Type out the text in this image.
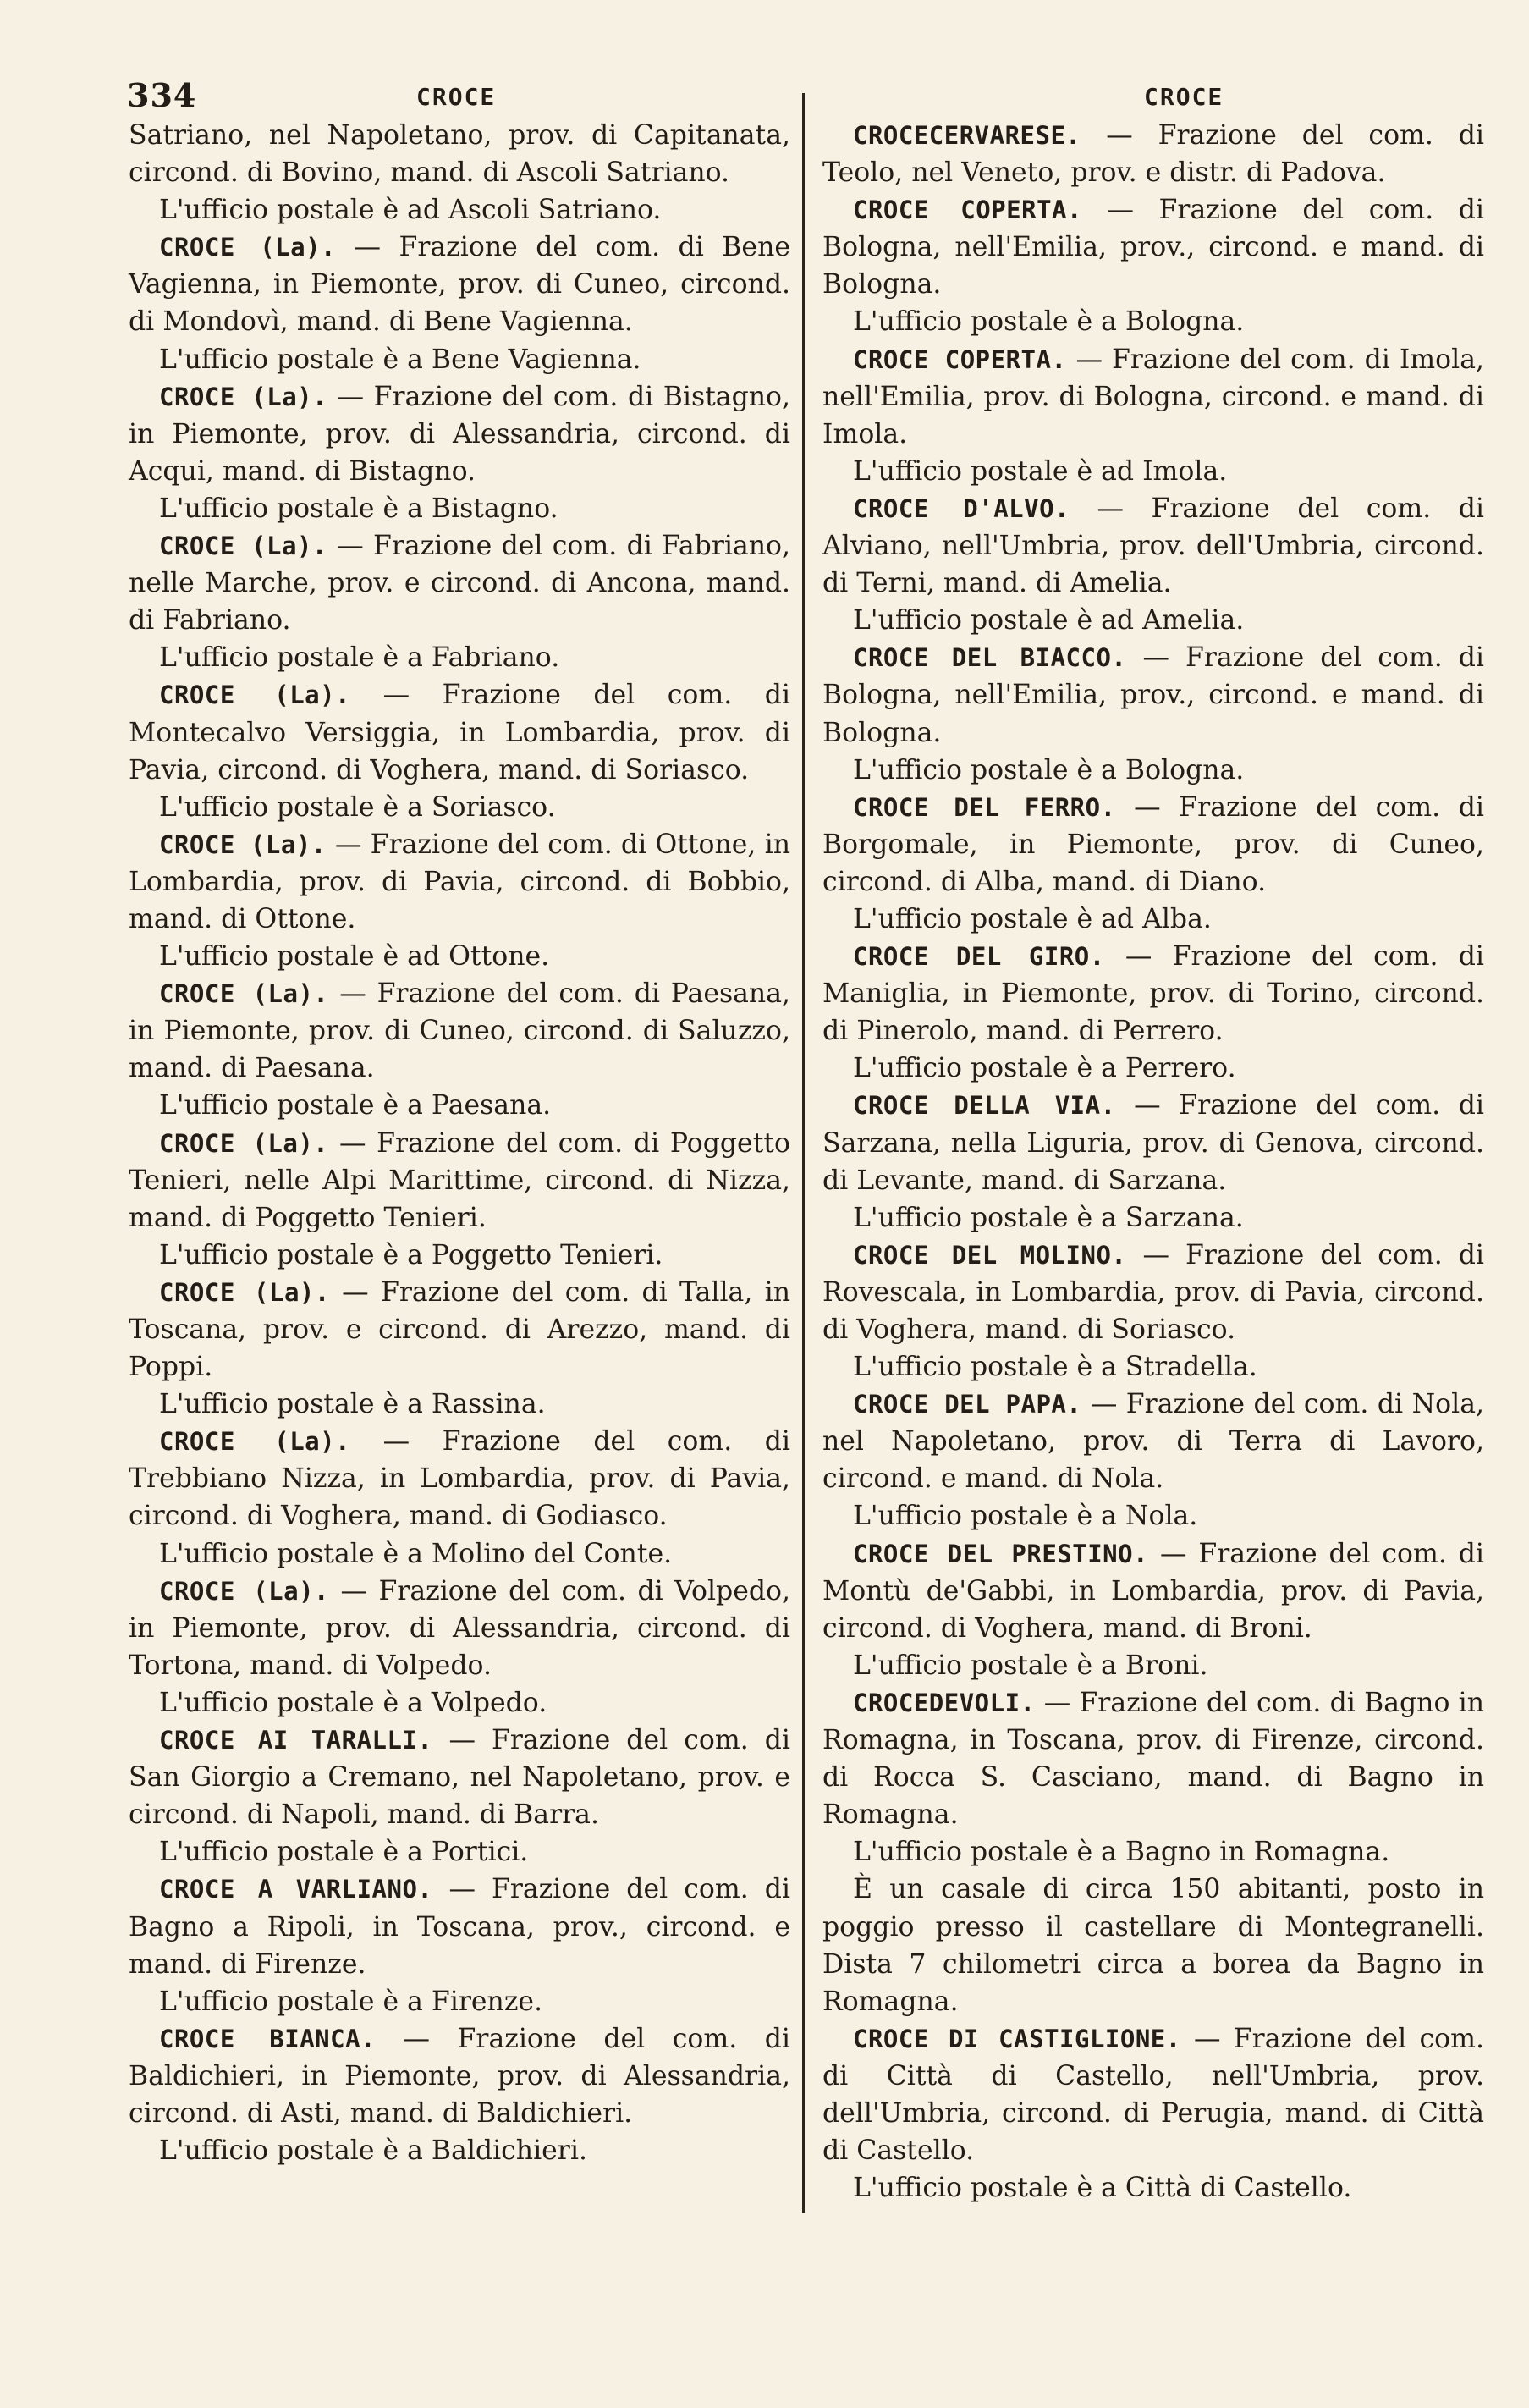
334	CROCE	CROCE

Satriano, nel Napoletano, prov. di Capitanata, circond. di Bovino, mand. di Ascoli Satriano.

L'ufficio postale è ad Ascoli Satriano.

CROCE (La). — Frazione del com. di Bene Vagienna, in Piemonte, prov. di Cuneo, circond. di Mondovì, mand. di Bene Vagienna.

L'ufficio postale è a Bene Vagienna.

CROCE (La). — Frazione del com. di Bistagno, in Piemonte, prov. di Alessandria, circond. di Acqui, mand. di Bistagno.

L'ufficio postale è a Bistagno.

CROCE (La). — Frazione del com. di Fabriano, nelle Marche, prov. e circond. di Ancona, mand. di Fabriano.

L'ufficio postale è a Fabriano.

CROCE (La). — Frazione del com. di Montecalvo Versiggia, in Lombardia, prov. di Pavia, circond. di Voghera, mand. di Soriasco.

L'ufficio postale è a Soriasco.

CROCE (La). — Frazione del com. di Ottone, in Lombardia, prov. di Pavia, circond. di Bobbio, mand. di Ottone.

L'ufficio postale è ad Ottone.

CROCE (La). — Frazione del com. di Paesana, in Piemonte, prov. di Cuneo, circond. di Saluzzo, mand. di Paesana.

L'ufficio postale è a Paesana.

CROCE (La). — Frazione del com. di Poggetto Tenieri, nelle Alpi Marittime, circond. di Nizza, mand. di Poggetto Tenieri.

L'ufficio postale è a Poggetto Tenieri.

CROCE (La). — Frazione del com. di Talla, in Toscana, prov. e circond. di Arezzo, mand. di Poppi.

L'ufficio postale è a Rassina.

CROCE (La). — Frazione del com. di Trebbiano Nizza, in Lombardia, prov. di Pavia, circond. di Voghera, mand. di Godiasco.

L'ufficio postale è a Molino del Conte.

CROCE (La). — Frazione del com. di Volpedo, in Piemonte, prov. di Alessandria, circond. di Tortona, mand. di Volpedo.

L'ufficio postale è a Volpedo.

CROCE AI TARALLI. — Frazione del com. di San Giorgio a Cremano, nel Napoletano, prov. e circond. di Napoli, mand. di Barra.

L'ufficio postale è a Portici.

CROCE A VARLIANO. — Frazione del com. di Bagno a Ripoli, in Toscana, prov., circond. e mand. di Firenze.

L'ufficio postale è a Firenze.

CROCE BIANCA. — Frazione del com. di Baldichieri, in Piemonte, prov. di Alessandria, circond. di Asti, mand. di Baldichieri.

L'ufficio postale è a Baldichieri.

CROCECERVARESE. — Frazione del com. di Teolo, nel Veneto, prov. e distr. di Padova.

CROCE COPERTA. — Frazione del com. di Bologna, nell'Emilia, prov., circond. e mand. di Bologna.

L'ufficio postale è a Bologna.

CROCE COPERTA. — Frazione del com. di Imola, nell'Emilia, prov. di Bologna, circond. e mand. di Imola.

L'ufficio postale è ad Imola.

CROCE D'ALVO. — Frazione del com. di Alviano, nell'Umbria, prov. dell'Umbria, circond. di Terni, mand. di Amelia.

L'ufficio postale è ad Amelia.

CROCE DEL BIACCO. — Frazione del com. di Bologna, nell'Emilia, prov., circond. e mand. di Bologna.

L'ufficio postale è a Bologna.

CROCE DEL FERRO. — Frazione del com. di Borgomale, in Piemonte, prov. di Cuneo, circond. di Alba, mand. di Diano.

L'ufficio postale è ad Alba.

CROCE DEL GIRO. — Frazione del com. di Maniglia, in Piemonte, prov. di Torino, circond. di Pinerolo, mand. di Perrero.

L'ufficio postale è a Perrero.

CROCE DELLA VIA. — Frazione del com. di Sarzana, nella Liguria, prov. di Genova, circond. di Levante, mand. di Sarzana.

L'ufficio postale è a Sarzana.

CROCE DEL MOLINO. — Frazione del com. di Rovescala, in Lombardia, prov. di Pavia, circond. di Voghera, mand. di Soriasco.

L'ufficio postale è a Stradella.

CROCE DEL PAPA. — Frazione del com. di Nola, nel Napoletano, prov. di Terra di Lavoro, circond. e mand. di Nola.

L'ufficio postale è a Nola.

CROCE DEL PRESTINO. — Frazione del com. di Montù de'Gabbi, in Lombardia, prov. di Pavia, circond. di Voghera, mand. di Broni.

L'ufficio postale è a Broni.

CROCEDEVOLI. — Frazione del com. di Bagno in Romagna, in Toscana, prov. di Firenze, circond. di Rocca S. Casciano, mand. di Bagno in Romagna.

L'ufficio postale è a Bagno in Romagna.

È un casale di circa 150 abitanti, posto in poggio presso il castellare di Montegranelli. Dista 7 chilometri circa a borea da Bagno in Romagna.

CROCE DI CASTIGLIONE. — Frazione del com. di Città di Castello, nell'Umbria, prov. dell'Umbria, circond. di Perugia, mand. di Città di Castello.

L'ufficio postale è a Città di Castello.
